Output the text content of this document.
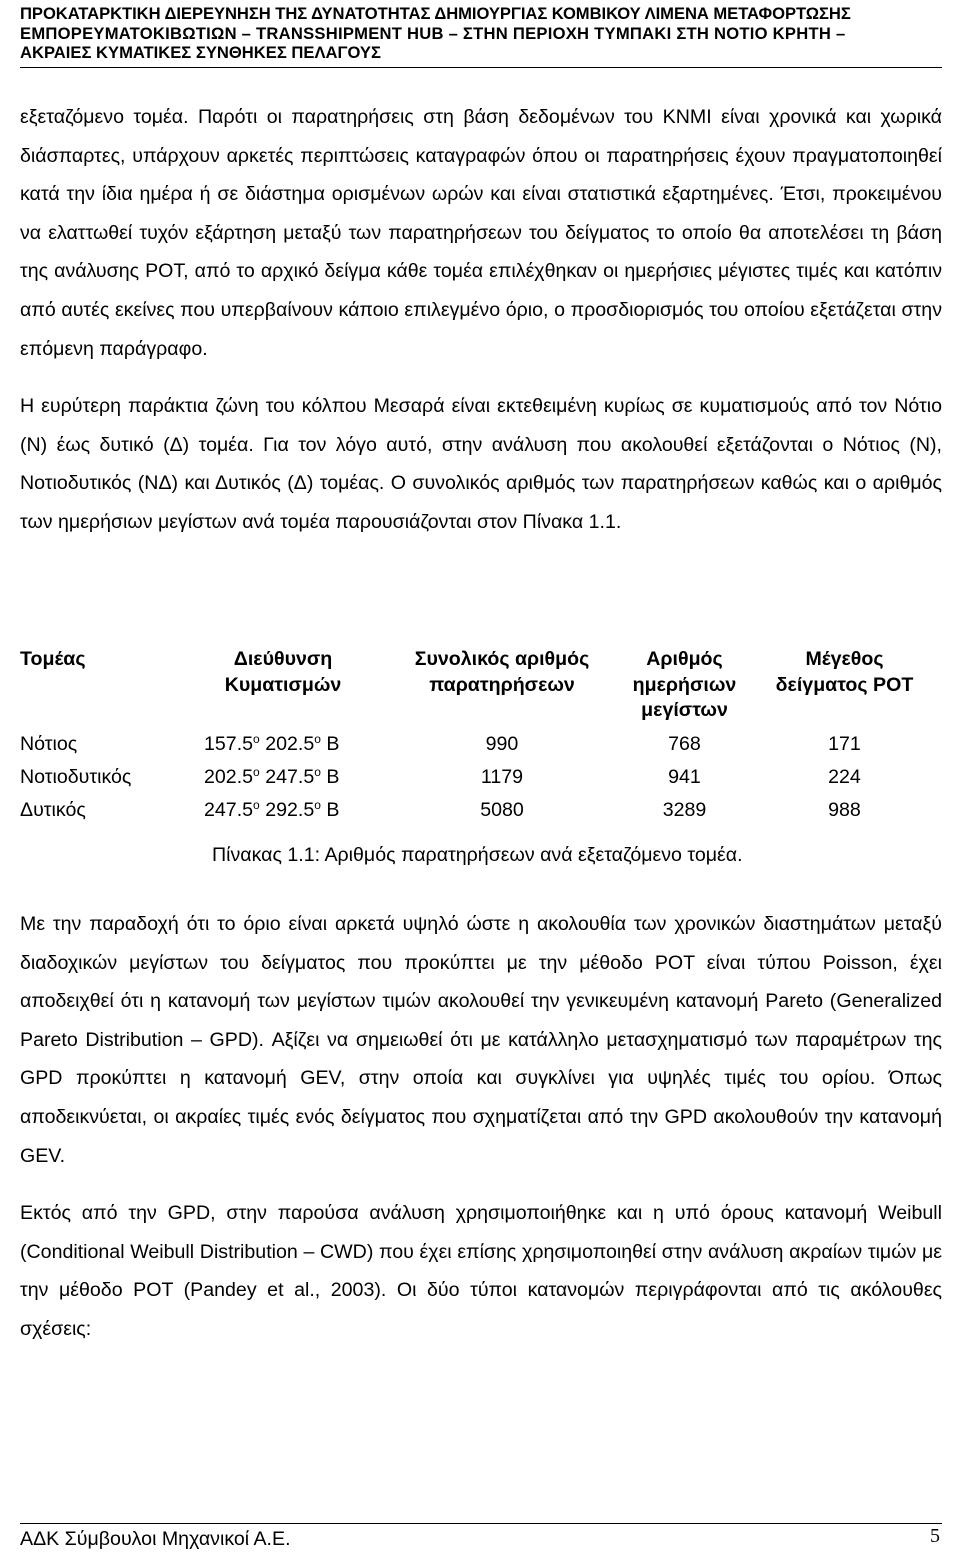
ΠΡΟΚΑΤΑΡΚΤΙΚΗ ΔΙΕΡΕΥΝΗΣΗ ΤΗΣ ΔΥΝΑΤΟΤΗΤΑΣ ΔΗΜΙΟΥΡΓΙΑΣ ΚΟΜΒΙΚΟΥ ΛΙΜΕΝΑ ΜΕΤΑΦΟΡΤΩΣΗΣ
ΕΜΠΟΡΕΥΜΑΤΟΚΙΒΩΤΙΩΝ – TRANSSHIPMENT HUB – ΣΤΗΝ ΠΕΡΙΟΧΗ ΤΥΜΠΑΚΙ ΣΤΗ ΝΟΤΙΟ ΚΡΗΤΗ –
ΑΚΡΑΙΕΣ ΚΥΜΑΤΙΚΕΣ ΣΥΝΘΗΚΕΣ ΠΕΛΑΓΟΥΣ

εξεταζόμενο τομέα. Παρότι οι παρατηρήσεις στη βάση δεδομένων του KNMI είναι χρονικά και χωρικά διάσπαρτες, υπάρχουν αρκετές περιπτώσεις καταγραφών όπου οι παρατηρήσεις έχουν πραγματοποιηθεί κατά την ίδια ημέρα ή σε διάστημα ορισμένων ωρών και είναι στατιστικά εξαρτημένες. Έτσι, προκειμένου να ελαττωθεί τυχόν εξάρτηση μεταξύ των παρατηρήσεων του δείγματος το οποίο θα αποτελέσει τη βάση της ανάλυσης POT, από το αρχικό δείγμα κάθε τομέα επιλέχθηκαν οι ημερήσιες μέγιστες τιμές και κατόπιν από αυτές εκείνες που υπερβαίνουν κάποιο επιλεγμένο όριο, ο προσδιορισμός του οποίου εξετάζεται στην επόμενη παράγραφο.

Η ευρύτερη παράκτια ζώνη του κόλπου Μεσαρά είναι εκτεθειμένη κυρίως σε κυματισμούς από τον Νότιο (Ν) έως δυτικό (Δ) τομέα. Για τον λόγο αυτό, στην ανάλυση που ακολουθεί εξετάζονται ο Νότιος (Ν), Νοτιοδυτικός (ΝΔ) και Δυτικός (Δ) τομέας. Ο συνολικός αριθμός των παρατηρήσεων καθώς και ο αριθμός των ημερήσιων μεγίστων ανά τομέα παρουσιάζονται στον Πίνακα 1.1.

Τομέας	Διεύθυνση Κυματισμών	Συνολικός αριθμός παρατηρήσεων	Αριθμός ημερήσιων μεγίστων	Μέγεθος δείγματος POT
Νότιος	$157.5^o$ $202.5^o$ Β	990	768	171
Νοτιοδυτικός	$202.5^o$ $247.5^o$ Β	1179	941	224
Δυτικός	$247.5^o$ $292.5^o$ Β	5080	3289	988
Πίνακας 1.1: Αριθμός παρατηρήσεων ανά εξεταζόμενο τομέα.

Με την παραδοχή ότι το όριο είναι αρκετά υψηλό ώστε η ακολουθία των χρονικών διαστημάτων μεταξύ διαδοχικών μεγίστων του δείγματος που προκύπτει με την μέθοδο POT είναι τύπου Poisson, έχει αποδειχθεί ότι η κατανομή των μεγίστων τιμών ακολουθεί την γενικευμένη κατανομή Pareto (Generalized Pareto Distribution – GPD). Αξίζει να σημειωθεί ότι με κατάλληλο μετασχηματισμό των παραμέτρων της GPD προκύπτει η κατανομή GEV, στην οποία και συγκλίνει για υψηλές τιμές του ορίου. Όπως αποδεικνύεται, οι ακραίες τιμές ενός δείγματος που σχηματίζεται από την GPD ακολουθούν την κατανομή GEV.

Εκτός από την GPD, στην παρούσα ανάλυση χρησιμοποιήθηκε και η υπό όρους κατανομή Weibull (Conditional Weibull Distribution – CWD) που έχει επίσης χρησιμοποιηθεί στην ανάλυση ακραίων τιμών με την μέθοδο POT (Pandey et al., 2003). Οι δύο τύποι κατανομών περιγράφονται από τις ακόλουθες σχέσεις:

ΑΔΚ Σύμβουλοι Μηχανικοί Α.Ε.	5
